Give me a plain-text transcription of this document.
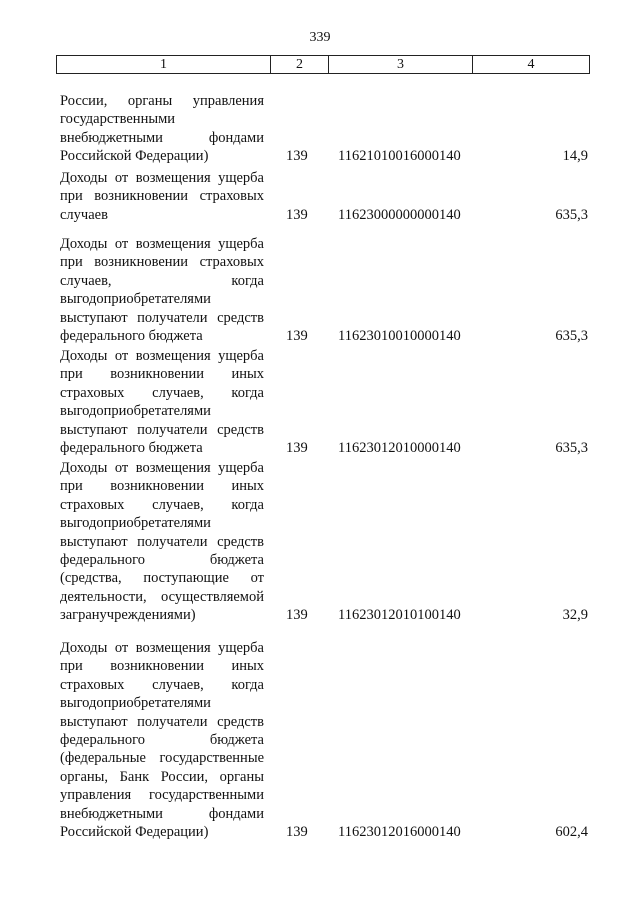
339
1	2	3	4
России, органы управления
государственными
внебюджетными фондами
Российской Федерации)	139 11621010016000140	14,9
Доходы от возмещения ущерба
при возникновении страховых
случаев	139 11623000000000140	635,3
Доходы от возмещения ущерба
при возникновении страховых
случаев, когда
выгодоприобретателями
выступают получатели средств
федерального бюджета	139 11623010010000140	635,3
Доходы от возмещения ущерба
при возникновении иных
страховых случаев, когда
выгодоприобретателями
выступают получатели средств
федерального бюджета	139 11623012010000140	635,3
Доходы от возмещения ущерба
при возникновении иных
страховых случаев, когда
выгодоприобретателями
выступают получатели средств
федерального бюджета
(средства, поступающие от
деятельности, осуществляемой
загранучреждениями)	139 11623012010100140	32,9
Доходы от возмещения ущерба
при возникновении иных
страховых случаев, когда
выгодоприобретателями
выступают получатели средств
федерального бюджета
(федеральные государственные
органы, Банк России, органы
управления государственными
внебюджетными фондами
Российской Федерации)	139 11623012016000140	602,4
